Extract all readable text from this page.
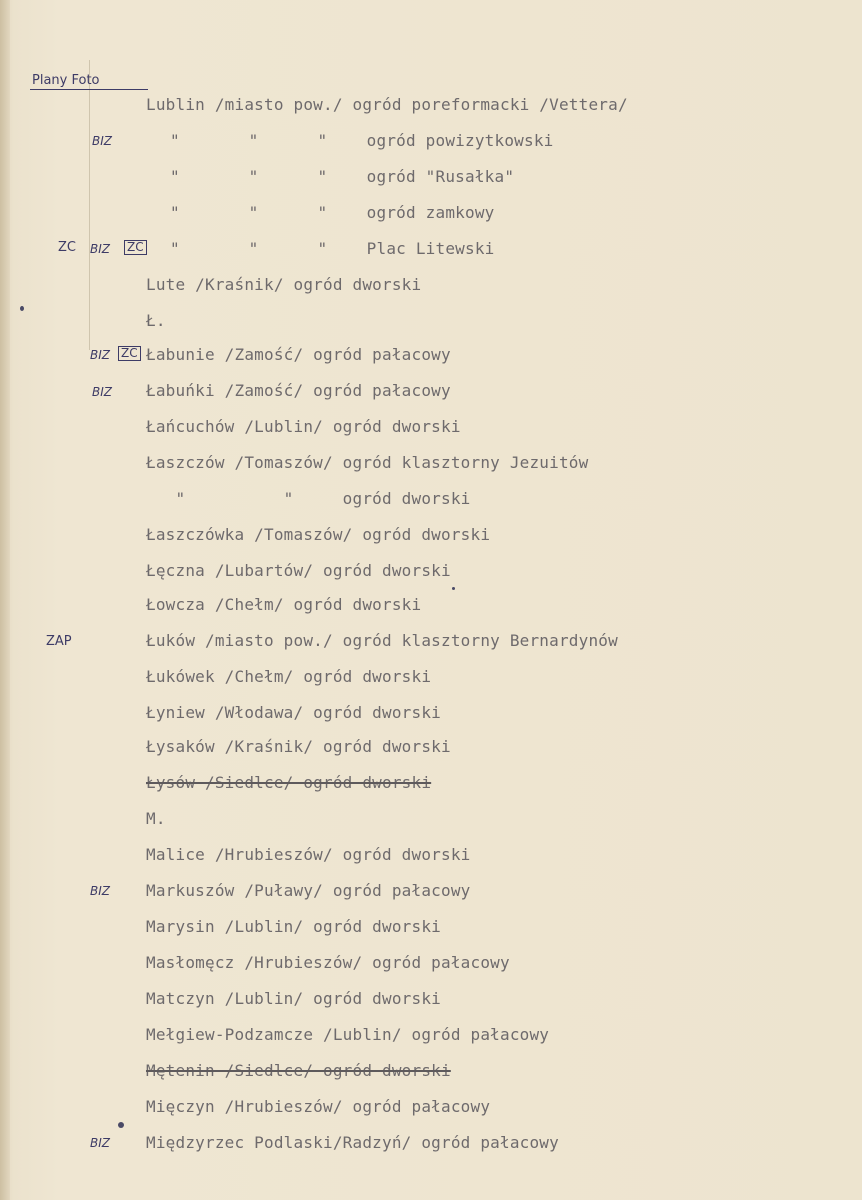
Plany Foto
Lublin /miasto pow./ ogród poreformacki /Vettera/
"       "      "    ogród powizytkowski
"       "      "    ogród "Rusałka"
"       "      "    ogród zamkowy
"       "      "    Plac Litewski
Lute /Kraśnik/ ogród dworski
Ł.
Łabunie /Zamość/ ogród pałacowy
Łabuńki /Zamość/ ogród pałacowy
Łańcuchów /Lublin/ ogród dworski
Łaszczów /Tomaszów/ ogród klasztorny Jezuitów
"          "     ogród dworski
Łaszczówka /Tomaszów/ ogród dworski
Łęczna /Lubartów/ ogród dworski
Łowcza /Chełm/ ogród dworski
Łuków /miasto pow./ ogród klasztorny Bernardynów
Łukówek /Chełm/ ogród dworski
Łyniew /Włodawa/ ogród dworski
Łysaków /Kraśnik/ ogród dworski
Łysów /Siedlce/ ogród dworski
M.
Malice /Hrubieszów/ ogród dworski
Markuszów /Puławy/ ogród pałacowy
Marysin /Lublin/ ogród dworski
Masłomęcz /Hrubieszów/ ogród pałacowy
Matczyn /Lublin/ ogród dworski
Mełgiew-Podzamcze /Lublin/ ogród pałacowy
Mętenin /Siedlce/ ogród dworski
Mięczyn /Hrubieszów/ ogród pałacowy
Międzyrzec Podlaski/Radzyń/ ogród pałacowy
BIZ
ZC BIZ ZC
BIZ ZC
BIZ
ZAP
BIZ
BIZ
